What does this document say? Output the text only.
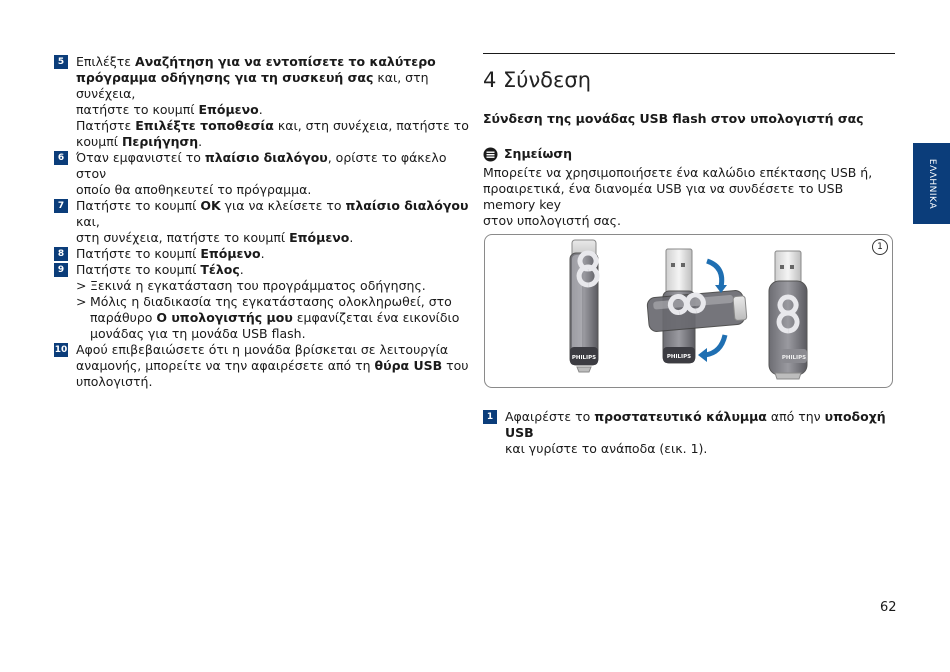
5 Επιλέξτε Αναζήτηση για να εντοπίσετε το καλύτερο
πρόγραμμα οδήγησης για τη συσκευή σας και, στη συνέχεια,
πατήστε το κουμπί Επόμενο.
Πατήστε Επιλέξτε τοποθεσία και, στη συνέχεια, πατήστε το
κουμπί Περιήγηση.
6 Όταν εμφανιστεί το πλαίσιο διαλόγου, ορίστε το φάκελο στον
οποίο θα αποθηκευτεί το πρόγραμμα.
7 Πατήστε το κουμπί OK για να κλείσετε το πλαίσιο διαλόγου και,
στη συνέχεια, πατήστε το κουμπί Επόμενο.
8 Πατήστε το κουμπί Επόμενο.
9 Πατήστε το κουμπί Τέλος.
> Ξεκινά η εγκατάσταση του προγράμματος οδήγησης.
> Μόλις η διαδικασία της εγκατάστασης ολοκληρωθεί, στο
παράθυρο Ο υπολογιστής μου εμφανίζεται ένα εικονίδιο
μονάδας για τη μονάδα USB flash.
10 Αφού επιβεβαιώσετε ότι η μονάδα βρίσκεται σε λειτουργία
αναμονής, μπορείτε να την αφαιρέσετε από τη θύρα USB του
υπολογιστή.
4 Σύνδεση
Σύνδεση της μονάδας USB flash στον υπολογιστή σας
Σημείωση
Μπορείτε να χρησιμοποιήσετε ένα καλώδιο επέκτασης USB ή,
προαιρετικά, ένα διανομέα USB για να συνδέσετε το USB memory key
στον υπολογιστή σας.
PHILIPS	PHILIPS	PHILIPS
1
1 Αφαιρέστε το προστατευτικό κάλυμμα από την υποδοχή USB
και γυρίστε το ανάποδα (εικ. 1).
ΕΛΛΗΝΙΚΑ
62
